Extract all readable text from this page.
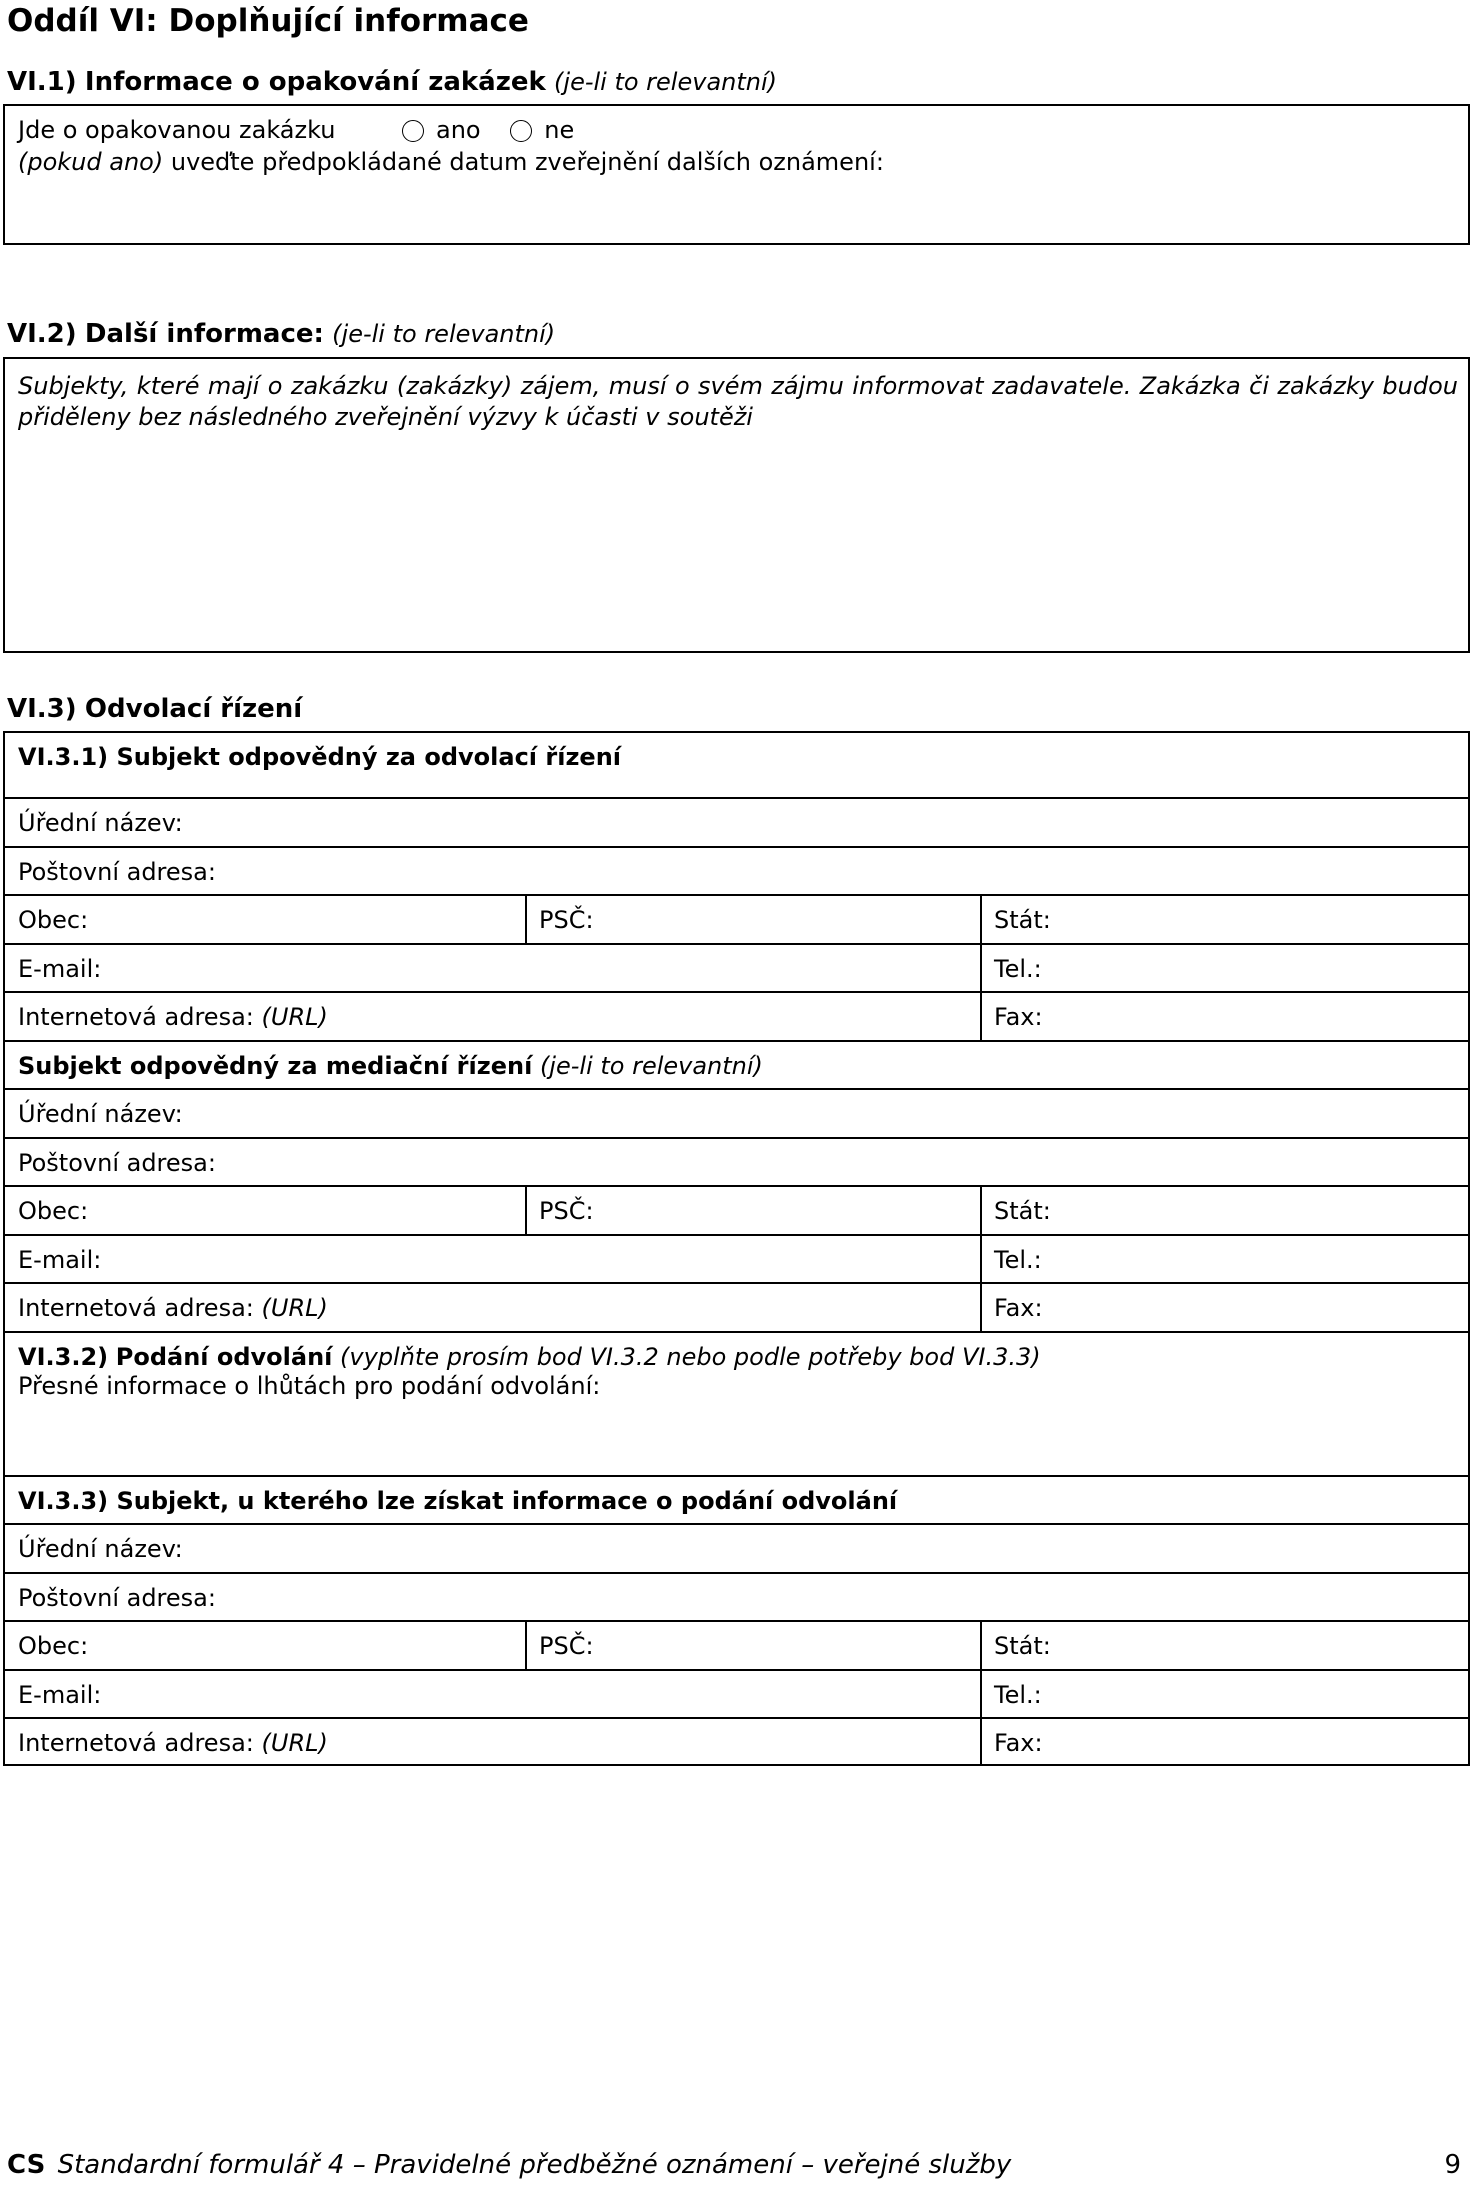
Oddíl VI: Doplňující informace
VI.1) Informace o opakování zakázek (je-li to relevantní)
Jde o opakovanou zakázku	ano	ne
(pokud ano) uveďte předpokládané datum zveřejnění dalších oznámení:
VI.2) Další informace: (je-li to relevantní)
Subjekty, které mají o zakázku (zakázky) zájem, musí o svém zájmu informovat zadavatele. Zakázka či zakázky budou přiděleny bez následného zveřejnění výzvy k účasti v soutěži
VI.3) Odvolací řízení
VI.3.1) Subjekt odpovědný za odvolací řízení
Úřední název:
Poštovní adresa:
Obec:	PSČ:	Stát:
E-mail:	Tel.:
Internetová adresa: (URL)	Fax:
Subjekt odpovědný za mediační řízení (je-li to relevantní)
Úřední název:
Poštovní adresa:
Obec:	PSČ:	Stát:
E-mail:	Tel.:
Internetová adresa: (URL)	Fax:
VI.3.2) Podání odvolání (vyplňte prosím bod VI.3.2 nebo podle potřeby bod VI.3.3)
Přesné informace o lhůtách pro podání odvolání:
VI.3.3) Subjekt, u kterého lze získat informace o podání odvolání
Úřední název:
Poštovní adresa:
Obec:	PSČ:	Stát:
E-mail:	Tel.:
Internetová adresa: (URL)	Fax:
CS Standardní formulář 4 – Pravidelné předběžné oznámení – veřejné služby	9
